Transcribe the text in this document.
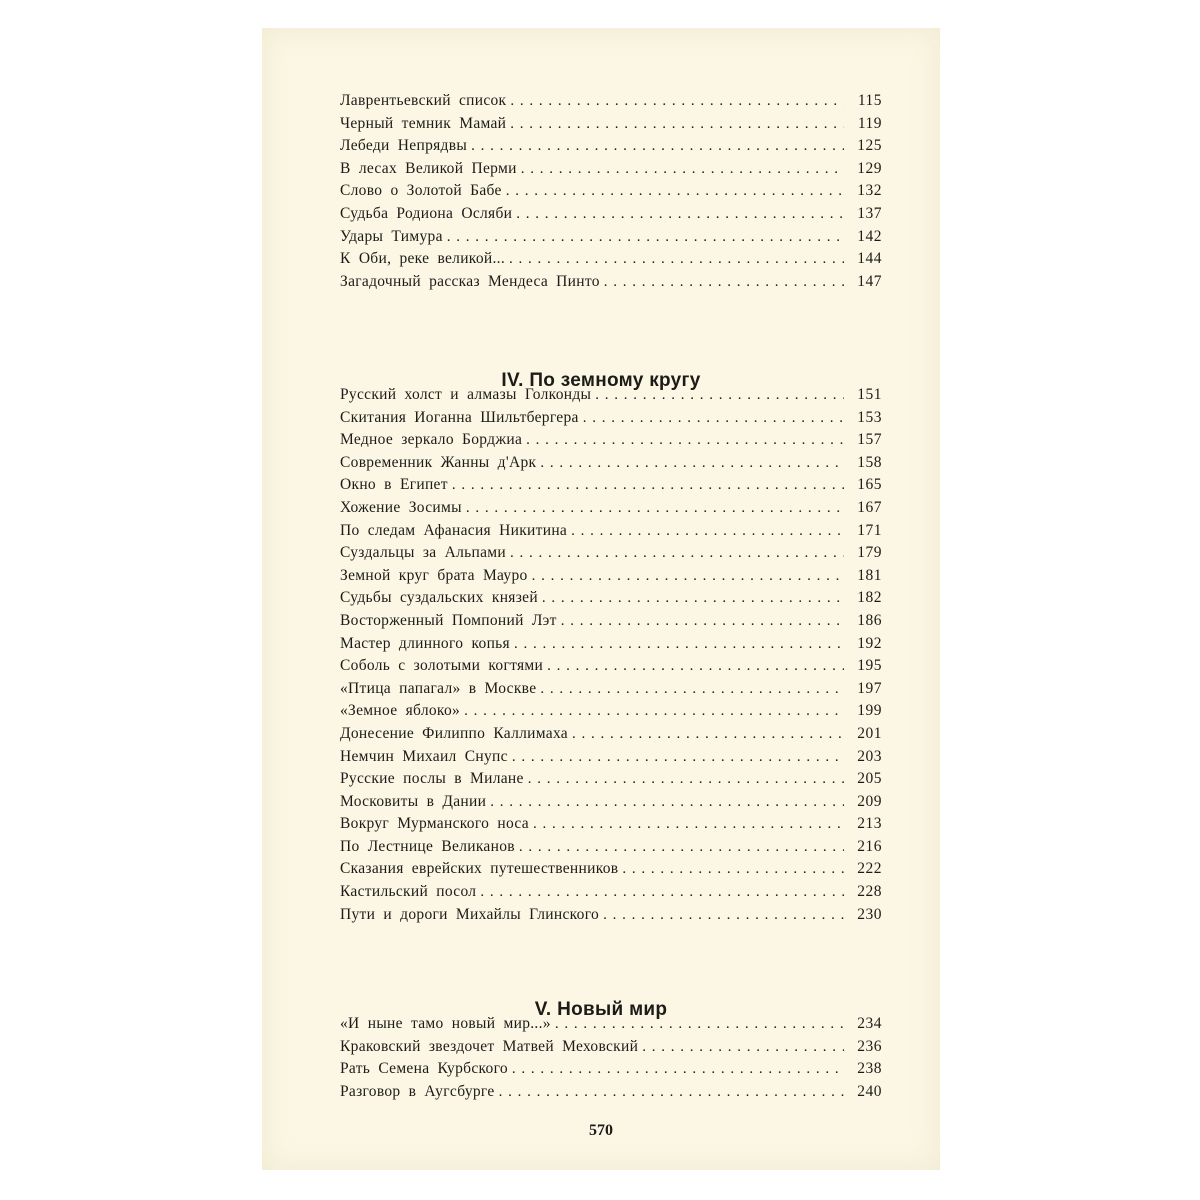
Лаврентьевский список . . .	115
Черный темник Мамай . . .	119
Лебеди Непрядвы . . .	125
В лесах Великой Перми . . .	129
Слово о Золотой Бабе . . .	132
Судьба Родиона Осляби . . .	137
Удары Тимура . . .	142
К Оби, реке великой... . . .	144
Загадочный рассказ Мендеса Пинто . . .	147
IV. По земному кругу
Русский холст и алмазы Голконды . . .	151
Скитания Иоганна Шильтбергера . . .	153
Медное зеркало Борджиа . . .	157
Современник Жанны д'Арк . . .	158
Окно в Египет . . .	165
Хожение Зосимы . . .	167
По следам Афанасия Никитина . . .	171
Суздальцы за Альпами . . .	179
Земной круг брата Мауро . . .	181
Судьбы суздальских князей . . .	182
Восторженный Помпоний Лэт . . .	186
Мастер длинного копья . . .	192
Соболь с золотыми когтями . . .	195
«Птица папагал» в Москве . . .	197
«Земное яблоко» . . .	199
Донесение Филиппо Каллимаха . . .	201
Немчин Михаил Снупс . . .	203
Русские послы в Милане . . .	205
Московиты в Дании . . .	209
Вокруг Мурманского носа . . .	213
По Лестнице Великанов . . .	216
Сказания еврейских путешественников . . .	222
Кастильский посол . . .	228
Пути и дороги Михайлы Глинского . . .	230
V. Новый мир
«И ныне тамо новый мир...» . . .	234
Краковский звездочет Матвей Меховский . . .	236
Рать Семена Курбского . . .	238
Разговор в Аугсбурге . . .	240
570
